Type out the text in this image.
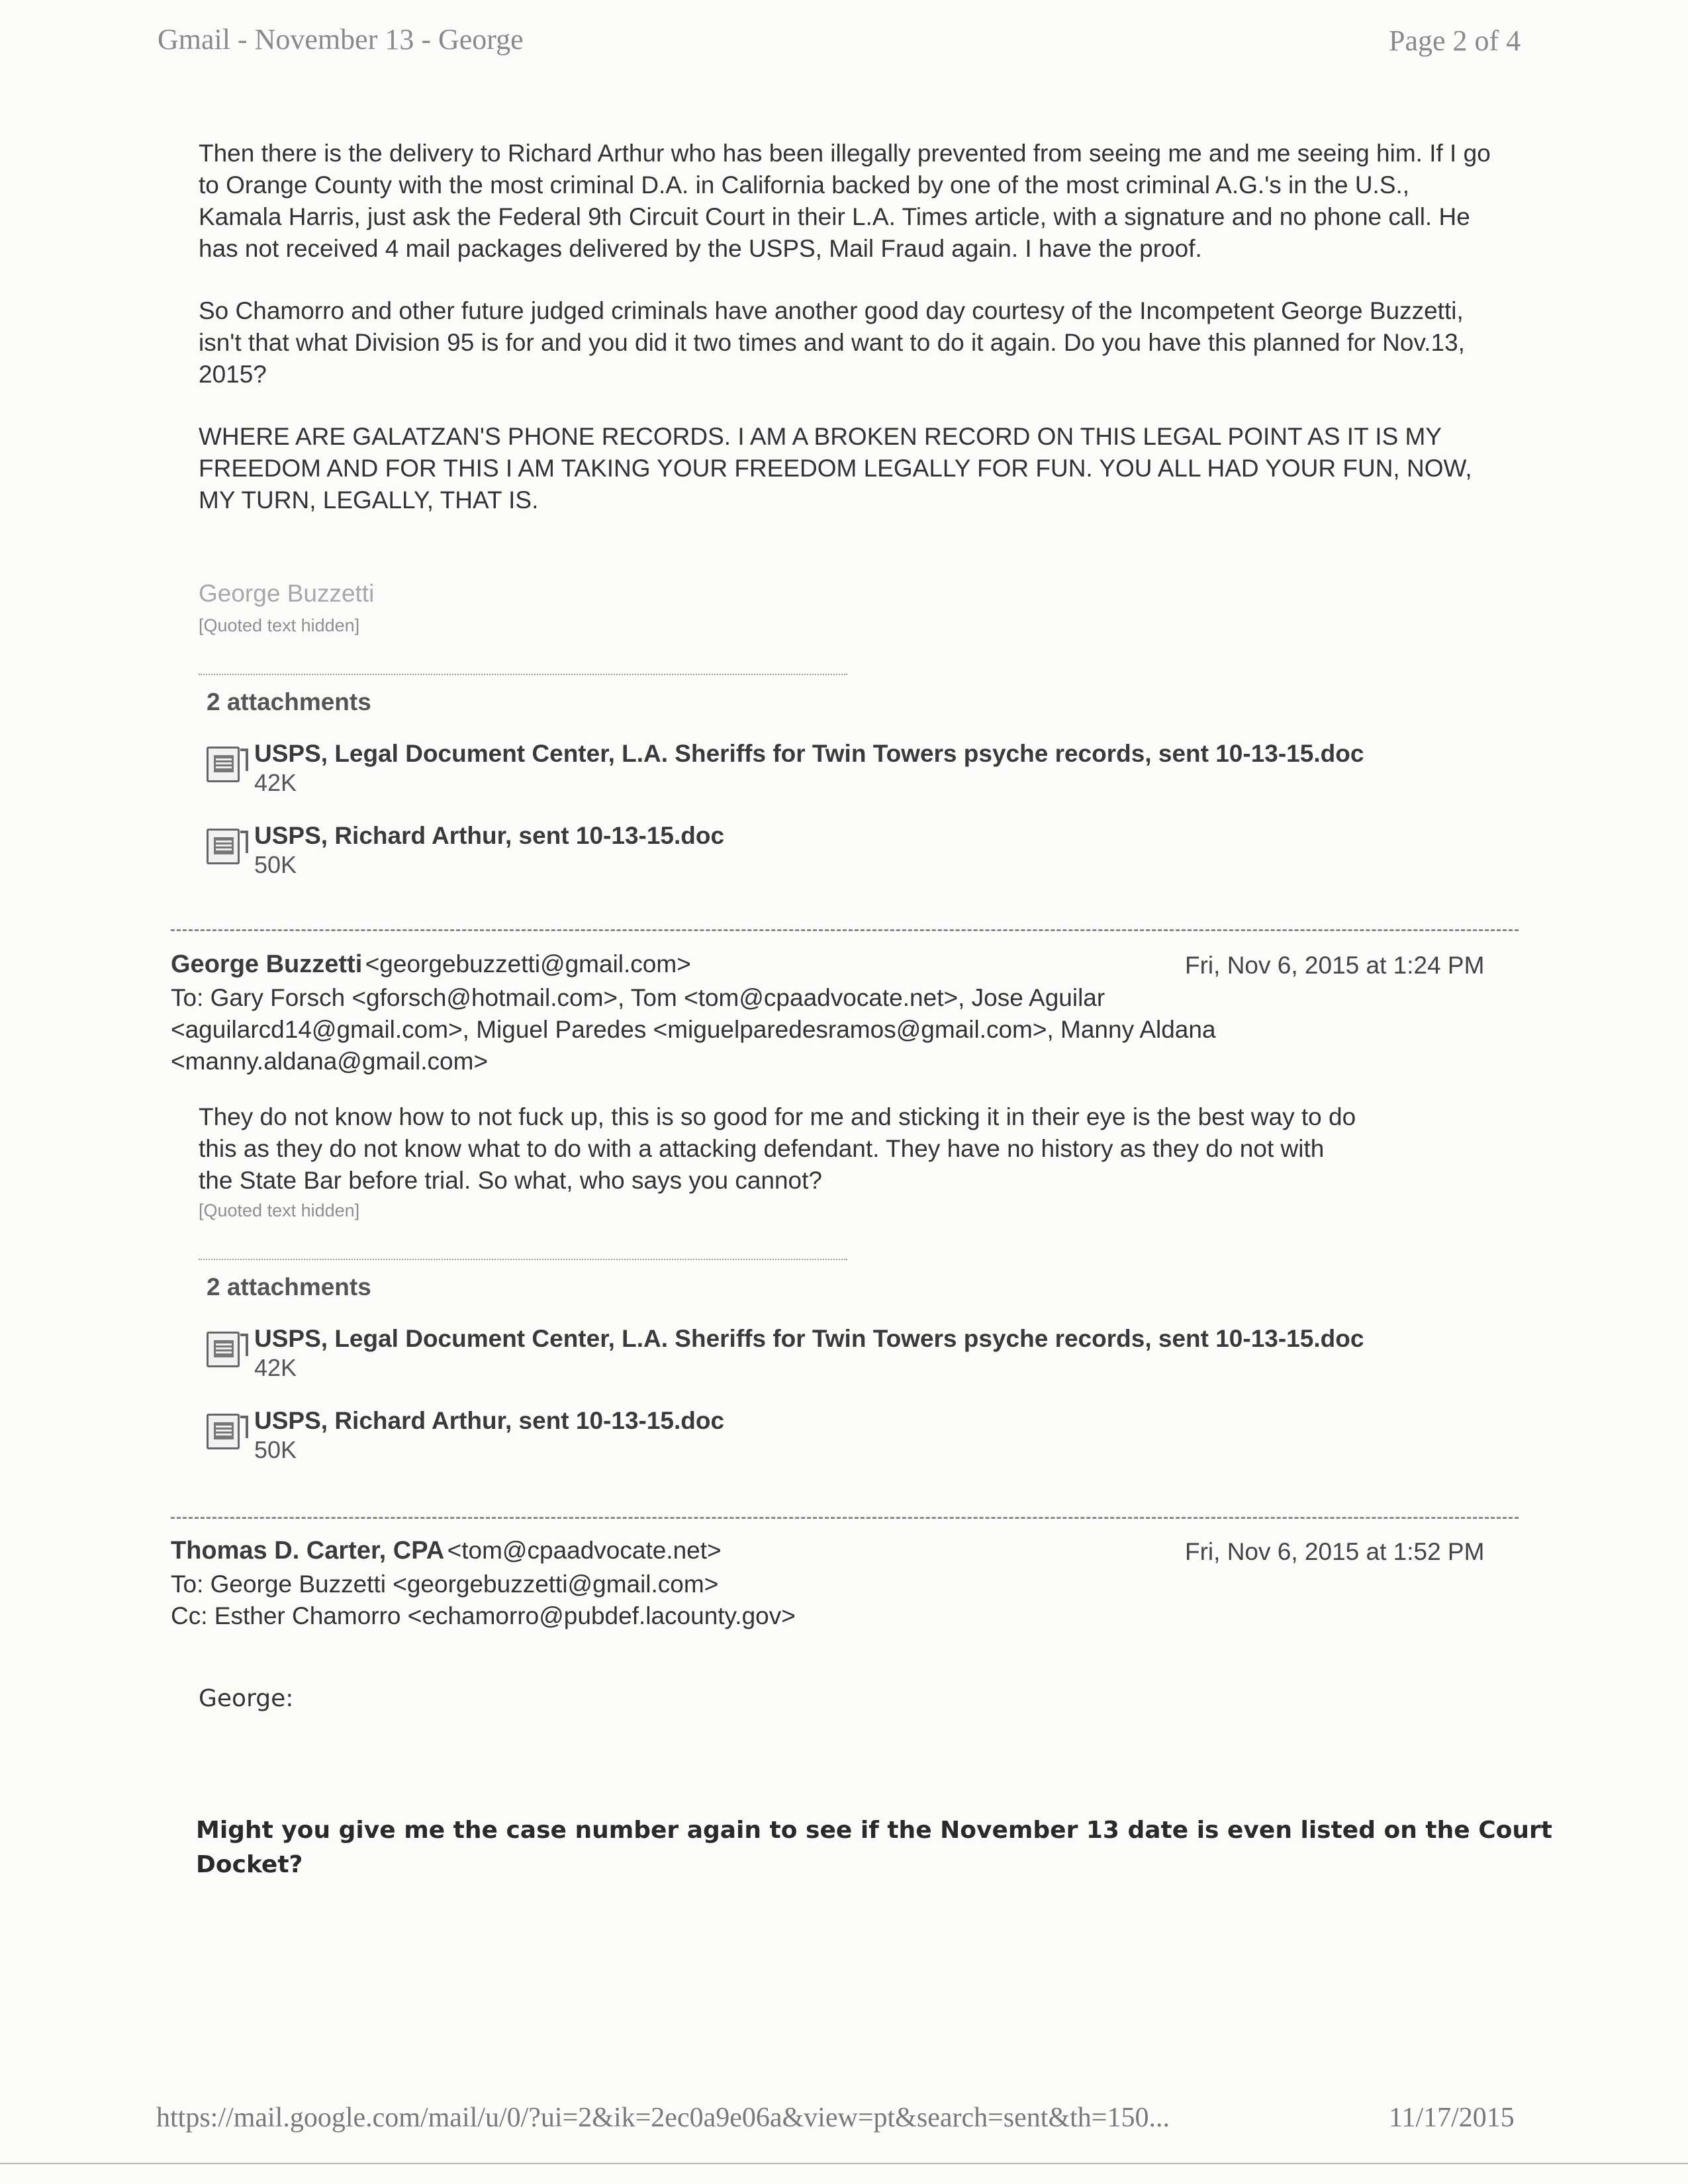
Gmail - November 13 - George	Page 2 of 4

Then there is the delivery to Richard Arthur who has been illegally prevented from seeing me and me seeing him. If I go to Orange County with the most criminal D.A. in California backed by one of the most criminal A.G.'s in the U.S., Kamala Harris, just ask the Federal 9th Circuit Court in their L.A. Times article, with a signature and no phone call. He has not received 4 mail packages delivered by the USPS, Mail Fraud again. I have the proof.

So Chamorro and other future judged criminals have another good day courtesy of the Incompetent George Buzzetti, isn't that what Division 95 is for and you did it two times and want to do it again. Do you have this planned for Nov.13, 2015?

WHERE ARE GALATZAN'S PHONE RECORDS. I AM A BROKEN RECORD ON THIS LEGAL POINT AS IT IS MY FREEDOM AND FOR THIS I AM TAKING YOUR FREEDOM LEGALLY FOR FUN. YOU ALL HAD YOUR FUN, NOW, MY TURN, LEGALLY, THAT IS.

George Buzzetti
[Quoted text hidden]
2 attachments
USPS, Legal Document Center, L.A. Sheriffs for Twin Towers psyche records, sent 10-13-15.doc
42K
USPS, Richard Arthur, sent 10-13-15.doc
50K
George Buzzetti <georgebuzzetti@gmail.com>	Fri, Nov 6, 2015 at 1:24 PM
To: Gary Forsch <gforsch@hotmail.com>, Tom <tom@cpaadvocate.net>, Jose Aguilar
<aguilarcd14@gmail.com>, Miguel Paredes <miguelparedesramos@gmail.com>, Manny Aldana
<manny.aldana@gmail.com>
They do not know how to not fuck up, this is so good for me and sticking it in their eye is the best way to do
this as they do not know what to do with a attacking defendant. They have no history as they do not with
the State Bar before trial. So what, who says you cannot?
[Quoted text hidden]
2 attachments
USPS, Legal Document Center, L.A. Sheriffs for Twin Towers psyche records, sent 10-13-15.doc
42K
USPS, Richard Arthur, sent 10-13-15.doc
50K
Thomas D. Carter, CPA <tom@cpaadvocate.net>	Fri, Nov 6, 2015 at 1:52 PM
To: George Buzzetti <georgebuzzetti@gmail.com>
Cc: Esther Chamorro <echamorro@pubdef.lacounty.gov>
George:
Might you give me the case number again to see if the November 13 date is even listed on the Court
Docket?
https://mail.google.com/mail/u/0/?ui=2&ik=2ec0a9e06a&view=pt&search=sent&th=150...	11/17/2015
